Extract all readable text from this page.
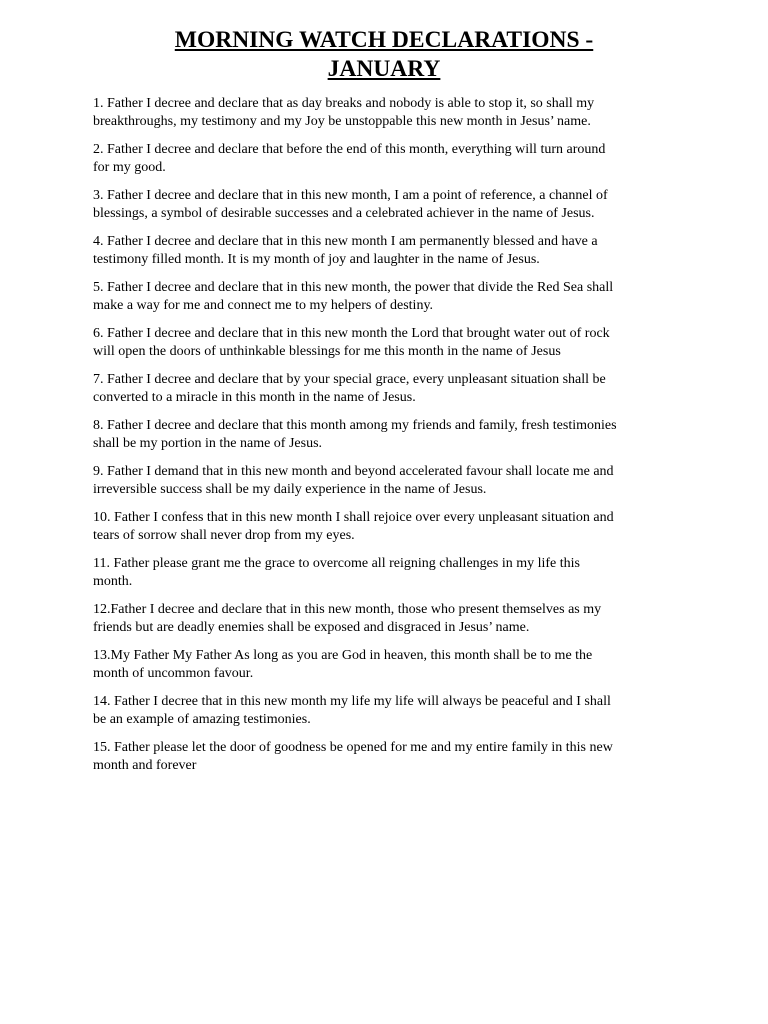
MORNING WATCH DECLARATIONS -
JANUARY
1. Father I decree and declare that as day breaks and nobody is able to stop it, so shall my
breakthroughs, my testimony and my Joy be unstoppable this new month in Jesus’ name.
2. Father I decree and declare that before the end of this month, everything will turn around
for my good.
3. Father I decree and declare that in this new month, I am a point of reference, a channel of
blessings, a symbol of desirable successes and a celebrated achiever in the name of Jesus.
4. Father I decree and declare that in this new month I am permanently blessed and have a
testimony filled month. It is my month of joy and laughter in the name of Jesus.
5. Father I decree and declare that in this new month, the power that divide the Red Sea shall
make a way for me and connect me to my helpers of destiny.
6. Father I decree and declare that in this new month the Lord that brought water out of rock
will open the doors of unthinkable blessings for me this month in the name of Jesus
7. Father I decree and declare that by your special grace, every unpleasant situation shall be
converted to a miracle in this month in the name of Jesus.
8. Father I decree and declare that this month among my friends and family, fresh testimonies
shall be my portion in the name of Jesus.
9. Father I demand that in this new month and beyond accelerated favour shall locate me and
irreversible success shall be my daily experience in the name of Jesus.
10. Father I confess that in this new month I shall rejoice over every unpleasant situation and
tears of sorrow shall never drop from my eyes.
11. Father please grant me the grace to overcome all reigning challenges in my life this
month.
12.Father I decree and declare that in this new month, those who present themselves as my
friends but are deadly enemies shall be exposed and disgraced in Jesus’ name.
13.My Father My Father As long as you are God in heaven, this month shall be to me the
month of uncommon favour.
14. Father I decree that in this new month my life my life will always be peaceful and I shall
be an example of amazing testimonies.
15. Father please let the door of goodness be opened for me and my entire family in this new
month and forever
